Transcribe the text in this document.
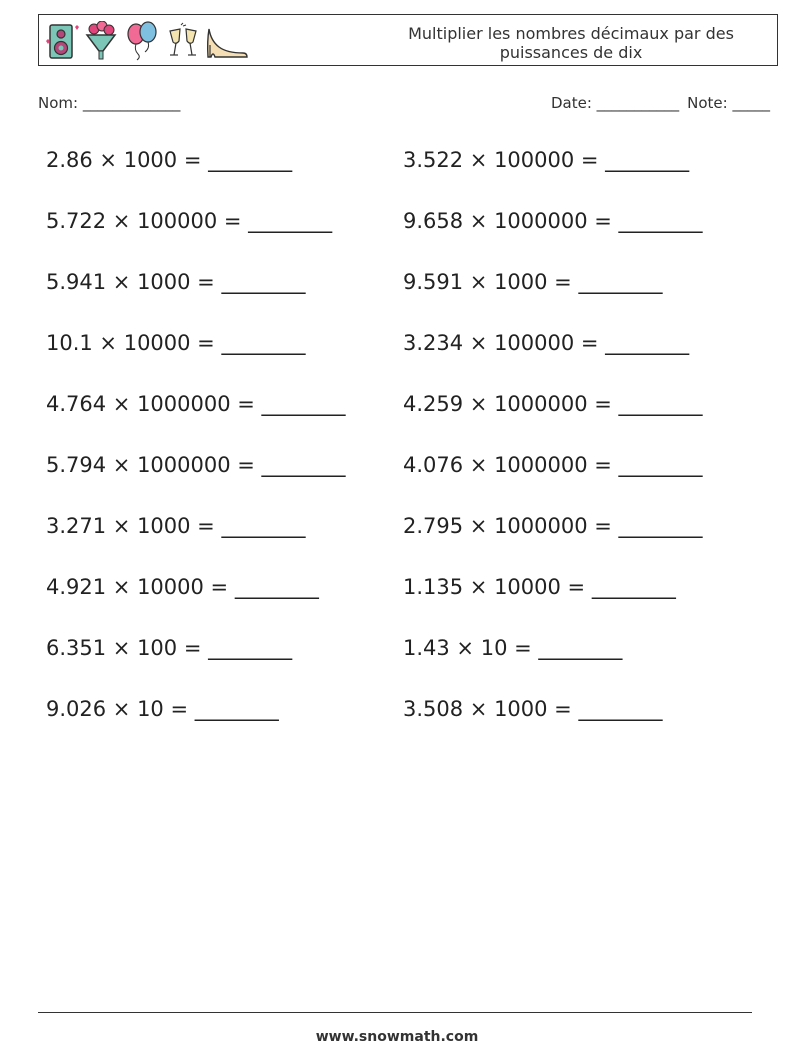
Multiplier les nombres décimaux par des puissances de dix
Nom: _____________	Date: ___________ Note: _____
2.86 × 1000 = ________	3.522 × 100000 = ________
5.722 × 100000 = ________	9.658 × 1000000 = ________
5.941 × 1000 = ________	9.591 × 1000 = ________
10.1 × 10000 = ________	3.234 × 100000 = ________
4.764 × 1000000 = ________	4.259 × 1000000 = ________
5.794 × 1000000 = ________	4.076 × 1000000 = ________
3.271 × 1000 = ________	2.795 × 1000000 = ________
4.921 × 10000 = ________	1.135 × 10000 = ________
6.351 × 100 = ________	1.43 × 10 = ________
9.026 × 10 = ________	3.508 × 1000 = ________
www.snowmath.com
